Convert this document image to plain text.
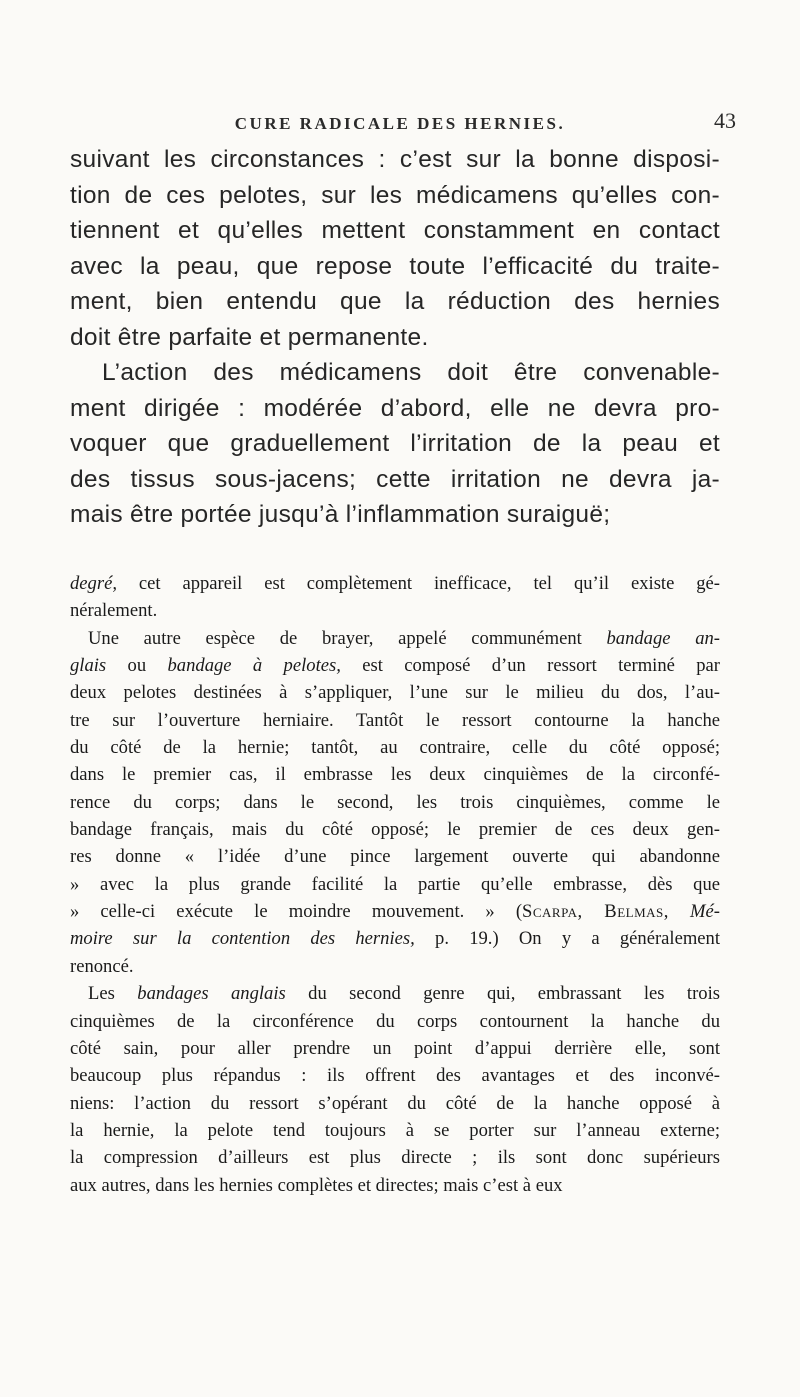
CURE RADICALE DES HERNIES.	43
suivant les circonstances : c’est sur la bonne disposi-
tion de ces pelotes, sur les médicamens qu’elles con-
tiennent et qu’elles mettent constamment en contact
avec la peau, que repose toute l’efficacité du traite-
ment, bien entendu que la réduction des hernies
doit être parfaite et permanente.
L’action des médicamens doit être convenable-
ment dirigée : modérée d’abord, elle ne devra pro-
voquer que graduellement l’irritation de la peau et
des tissus sous-jacens; cette irritation ne devra ja-
mais être portée jusqu’à l’inflammation suraiguë;
degré, cet appareil est complètement inefficace, tel qu’il existe gé-
néralement.
Une autre espèce de brayer, appelé communément bandage an-
glais ou bandage à pelotes, est composé d’un ressort terminé par
deux pelotes destinées à s’appliquer, l’une sur le milieu du dos, l’au-
tre sur l’ouverture herniaire. Tantôt le ressort contourne la hanche
du côté de la hernie; tantôt, au contraire, celle du côté opposé;
dans le premier cas, il embrasse les deux cinquièmes de la circonfé-
rence du corps; dans le second, les trois cinquièmes, comme le
bandage français, mais du côté opposé; le premier de ces deux gen-
res donne « l’idée d’une pince largement ouverte qui abandonne
» avec la plus grande facilité la partie qu’elle embrasse, dès que
» celle-ci exécute le moindre mouvement. » (Scarpa, Belmas, Mé-
moire sur la contention des hernies, p. 19.) On y a généralement
renoncé.
Les bandages anglais du second genre qui, embrassant les trois
cinquièmes de la circonférence du corps contournent la hanche du
côté sain, pour aller prendre un point d’appui derrière elle, sont
beaucoup plus répandus : ils offrent des avantages et des inconvé-
niens: l’action du ressort s’opérant du côté de la hanche opposé à
la hernie, la pelote tend toujours à se porter sur l’anneau externe;
la compression d’ailleurs est plus directe ; ils sont donc supérieurs
aux autres, dans les hernies complètes et directes; mais c’est à eux
